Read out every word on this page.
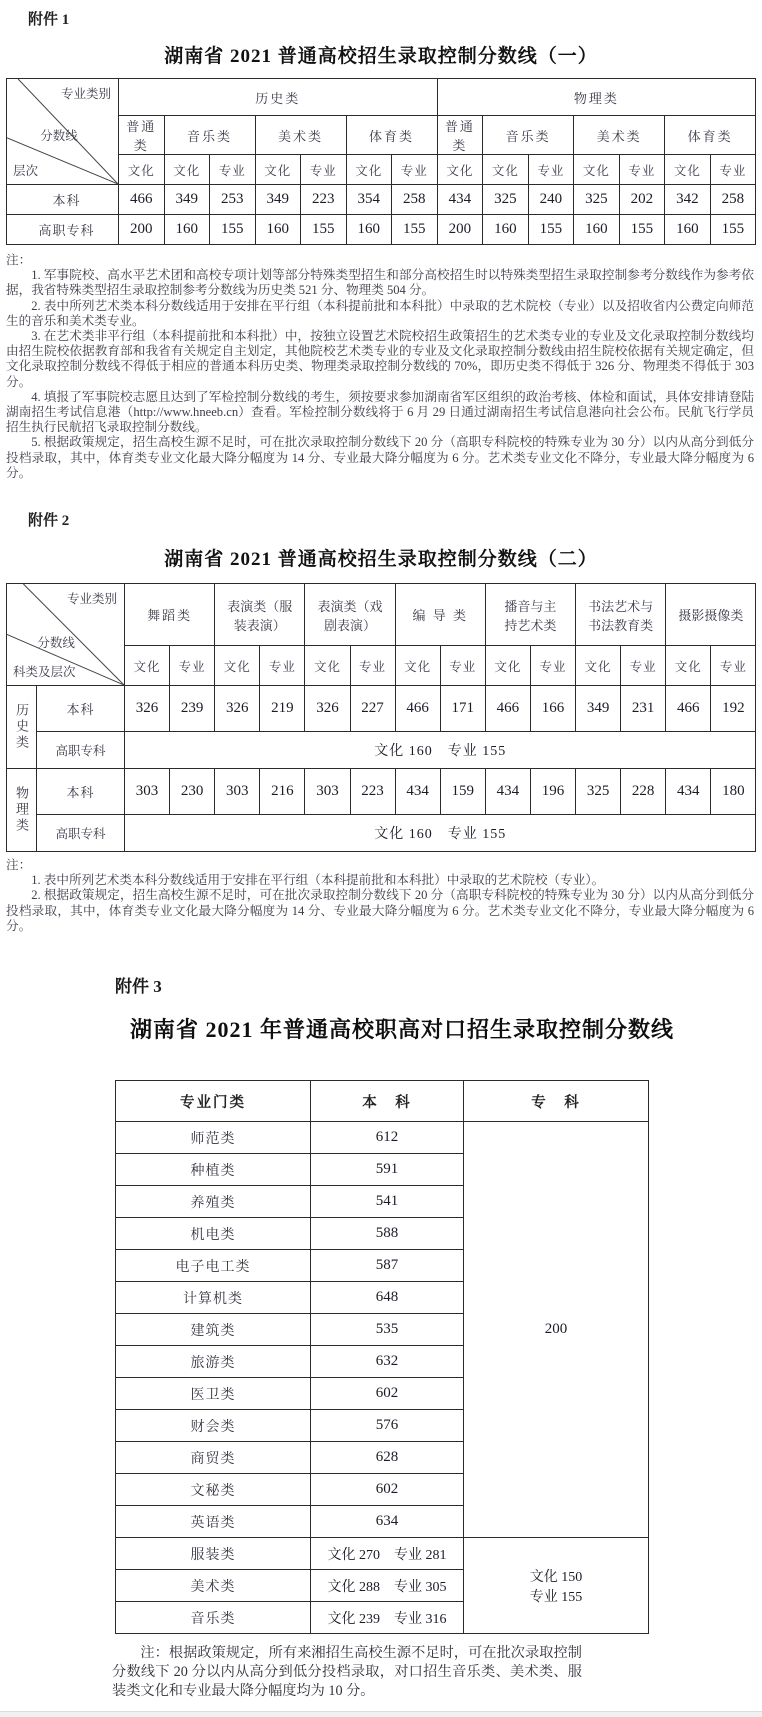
附件 1

湖南省 2021 普通高校招生录取控制分数线（一）
专业类别
分数线
层次	历史类							物理类						
	普通类	音乐类		美术类		体育类		普通类	音乐类		美术类		体育类	
	文化	文化	专业	文化	专业	文化	专业	文化	文化	专业	文化	专业	文化	专业
本科	466	349	253	349	223	354	258	434	325	240	325	202	342	258
高职专科	200	160	155	160	155	160	155	200	160	155	160	155	160	155

注：

1. 军事院校、高水平艺术团和高校专项计划等部分特殊类型招生和部分高校招生时以特殊类型招生录取控制参考分数线作为参考依据，我省特殊类型招生录取控制参考分数线为历史类 521 分、物理类 504 分。

2. 表中所列艺术类本科分数线适用于安排在平行组（本科提前批和本科批）中录取的艺术院校（专业）以及招收省内公费定向师范生的音乐和美术类专业。

3. 在艺术类非平行组（本科提前批和本科批）中，按独立设置艺术院校招生政策招生的艺术类专业的专业及文化录取控制分数线均由招生院校依据教育部和我省有关规定自主划定，其他院校艺术类专业的专业及文化录取控制分数线由招生院校依据有关规定确定，但文化录取控制分数线不得低于相应的普通本科历史类、物理类录取控制分数线的 70%，即历史类不得低于 326 分、物理类不得低于 303 分。

4. 填报了军事院校志愿且达到了军检控制分数线的考生，须按要求参加湖南省军区组织的政治考核、体检和面试，具体安排请登陆湖南招生考试信息港（http://www.hneeb.cn）查看。军检控制分数线将于 6 月 29 日通过湖南招生考试信息港向社会公布。民航飞行学员招生执行民航招飞录取控制分数线。

5. 根据政策规定，招生高校生源不足时，可在批次录取控制分数线下 20 分（高职专科院校的特殊专业为 30 分）以内从高分到低分投档录取，其中，体育类专业文化最大降分幅度为 14 分、专业最大降分幅度为 6 分。艺术类专业文化不降分，专业最大降分幅度为 6 分。

附件 2

湖南省 2021 普通高校招生录取控制分数线（二）
专业类别
分数线
科类及层次		舞蹈类		表演类（服装表演）		表演类（戏剧表演）		编 导 类		播音与主持艺术类		书法艺术与书法教育类		摄影摄像类	
		文化	专业	文化	专业	文化	专业	文化	专业	文化	专业	文化	专业	文化	专业
历史类	本科	326	239	326	219	326	227	466	171	466	166	349	231	466	192
	高职专科	文化 160　专业 155													
物理类	本科	303	230	303	216	303	223	434	159	434	196	325	228	434	180
	高职专科	文化 160　专业 155													

注：

1. 表中所列艺术类本科分数线适用于安排在平行组（本科提前批和本科批）中录取的艺术院校（专业）。

2. 根据政策规定，招生高校生源不足时，可在批次录取控制分数线下 20 分（高职专科院校的特殊专业为 30 分）以内从高分到低分投档录取，其中，体育类专业文化最大降分幅度为 14 分、专业最大降分幅度为 6 分。艺术类专业文化不降分，专业最大降分幅度为 6 分。

附件 3

湖南省 2021 年普通高校职高对口招生录取控制分数线
专业门类	本　科	专　科
师范类	612	200
种植类	591	
养殖类	541	
机电类	588	
电子电工类	587	
计算机类	648	
建筑类	535	
旅游类	632	
医卫类	602	
财会类	576	
商贸类	628	
文秘类	602	
英语类	634	
服装类	文化 270　专业 281	文化 150
专业 155

美术类	文化 288　专业 305	
音乐类	文化 239　专业 316	

注：根据政策规定，所有来湘招生高校生源不足时，可在批次录取控制分数线下 20 分以内从高分到低分投档录取，对口招生音乐类、美术类、服装类文化和专业最大降分幅度均为 10 分。
